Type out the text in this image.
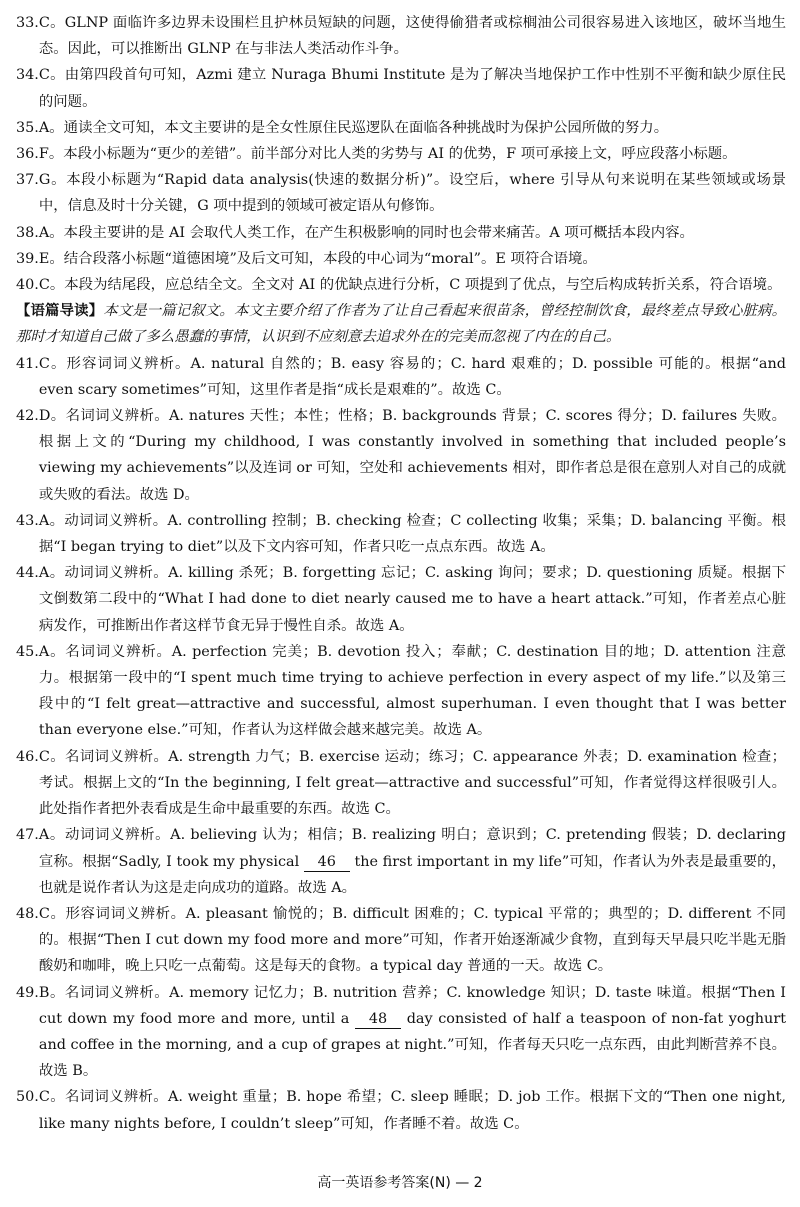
33. C。GLNP 面临许多边界未设围栏且护林员短缺的问题，这使得偷猎者或棕榈油公司很容易进入该地区，破坏当地生态。因此，可以推断出 GLNP 在与非法人类活动作斗争。
34. C。由第四段首句可知，Azmi 建立 Nuraga Bhumi Institute 是为了解决当地保护工作中性别不平衡和缺少原住民的问题。
35. A。通读全文可知，本文主要讲的是全女性原住民巡逻队在面临各种挑战时为保护公园所做的努力。
36. F。本段小标题为“更少的差错”。前半部分对比人类的劣势与 AI 的优势，F 项可承接上文，呼应段落小标题。
37. G。本段小标题为“Rapid data analysis(快速的数据分析)”。设空后，where 引导从句来说明在某些领域或场景中，信息及时十分关键，G 项中提到的领域可被定语从句修饰。
38. A。本段主要讲的是 AI 会取代人类工作，在产生积极影响的同时也会带来痛苦。A 项可概括本段内容。
39. E。结合段落小标题“道德困境”及后文可知，本段的中心词为“moral”。E 项符合语境。
40. C。本段为结尾段，应总结全文。全文对 AI 的优缺点进行分析，C 项提到了优点，与空后构成转折关系，符合语境。

【语篇导读】本文是一篇记叙文。本文主要介绍了作者为了让自己看起来很苗条，曾经控制饮食，最终差点导致心脏病。那时才知道自己做了多么愚蠢的事情，认识到不应刻意去追求外在的完美而忽视了内在的自己。

41. C。形容词词义辨析。A. natural 自然的；B. easy 容易的；C. hard 艰难的；D. possible 可能的。根据“and even scary sometimes”可知，这里作者是指“成长是艰难的”。故选 C。
42. D。名词词义辨析。A. natures 天性；本性；性格；B. backgrounds 背景；C. scores 得分；D. failures 失败。根据上文的“During my childhood, I was constantly involved in something that included people’s viewing my achievements”以及连词 or 可知，空处和 achievements 相对，即作者总是很在意别人对自己的成就或失败的看法。故选 D。
43. A。动词词义辨析。A. controlling 控制；B. checking 检查；C collecting 收集；采集；D. balancing 平衡。根据“I began trying to diet”以及下文内容可知，作者只吃一点点东西。故选 A。
44. A。动词词义辨析。A. killing 杀死；B. forgetting 忘记；C. asking 询问；要求；D. questioning 质疑。根据下文倒数第二段中的“What I had done to diet nearly caused me to have a heart attack.”可知，作者差点心脏病发作，可推断出作者这样节食无异于慢性自杀。故选 A。
45. A。名词词义辨析。A. perfection 完美；B. devotion 投入；奉献；C. destination 目的地；D. attention 注意力。根据第一段中的“I spent much time trying to achieve perfection in every aspect of my life.”以及第三段中的“I felt great—attractive and successful, almost superhuman. I even thought that I was better than everyone else.”可知，作者认为这样做会越来越完美。故选 A。
46. C。名词词义辨析。A. strength 力气；B. exercise 运动；练习；C. appearance 外表；D. examination 检查；考试。根据上文的“In the beginning, I felt great—attractive and successful”可知，作者觉得这样很吸引人。此处指作者把外表看成是生命中最重要的东西。故选 C。
47. A。动词词义辨析。A. believing 认为；相信；B. realizing 明白；意识到；C. pretending 假装；D. declaring 宣称。根据“Sadly, I took my physical 46 the first important in my life”可知，作者认为外表是最重要的，也就是说作者认为这是走向成功的道路。故选 A。
48. C。形容词词义辨析。A. pleasant 愉悦的；B. difficult 困难的；C. typical 平常的；典型的；D. different 不同的。根据“Then I cut down my food more and more”可知，作者开始逐渐减少食物，直到每天早晨只吃半匙无脂酸奶和咖啡，晚上只吃一点葡萄。这是每天的食物。a typical day 普通的一天。故选 C。
49. B。名词词义辨析。A. memory 记忆力；B. nutrition 营养；C. knowledge 知识；D. taste 味道。根据“Then I cut down my food more and more, until a 48 day consisted of half a teaspoon of non-fat yoghurt and coffee in the morning, and a cup of grapes at night.”可知，作者每天只吃一点东西，由此判断营养不良。故选 B。
50. C。名词词义辨析。A. weight 重量；B. hope 希望；C. sleep 睡眠；D. job 工作。根据下文的“Then one night, like many nights before, I couldn’t sleep”可知，作者睡不着。故选 C。
高一英语参考答案(N) — 2
